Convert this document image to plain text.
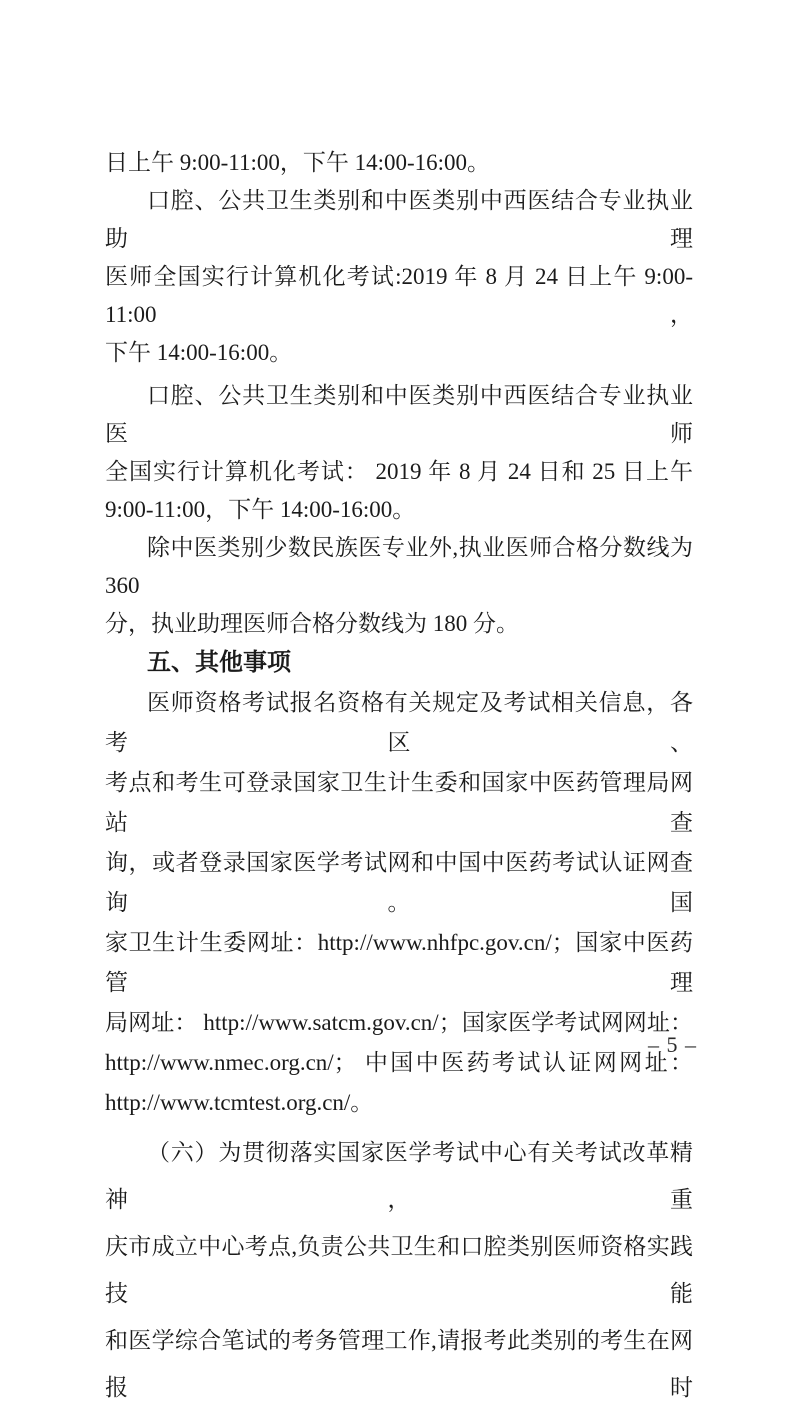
日上午 9:00-11:00，下午 14:00-16:00。
口腔、公共卫生类别和中医类别中西医结合专业执业助理
医师全国实行计算机化考试:2019 年 8 月 24 日上午 9:00-11:00，
下午 14:00-16:00。
口腔、公共卫生类别和中医类别中西医结合专业执业医师
全国实行计算机化考试： 2019 年 8 月 24 日和 25 日上午
9:00-11:00，下午 14:00-16:00。
除中医类别少数民族医专业外,执业医师合格分数线为 360
分，执业助理医师合格分数线为 180 分。
五、其他事项
医师资格考试报名资格有关规定及考试相关信息，各考区、
考点和考生可登录国家卫生计生委和国家中医药管理局网站查
询，或者登录国家医学考试网和中国中医药考试认证网查询。国
家卫生计生委网址：http://www.nhfpc.gov.cn/；国家中医药管理
局网址： http://www.satcm.gov.cn/；国家医学考试网网址：
http://www.nmec.org.cn/； 中国中医药考试认证网网址：
http://www.tcmtest.org.cn/。
（六）为贯彻落实国家医学考试中心有关考试改革精神，重
庆市成立中心考点,负责公共卫生和口腔类别医师资格实践技能
和医学综合笔试的考务管理工作,请报考此类别的考生在网报时
– 5 –
